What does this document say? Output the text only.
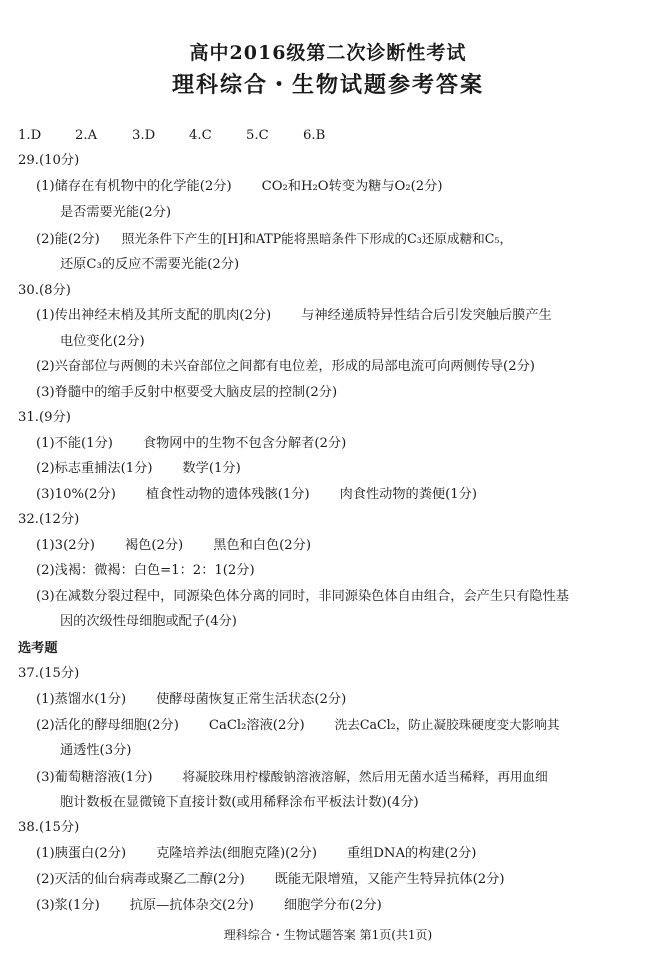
高中2016级第二次诊断性考试
理科综合・生物试题参考答案
1.D	2.A	3.D	4.C	5.C	6.B
29.(10分)
(1)储存在有机物中的化学能(2分) CO₂和H₂O转变为糖与O₂(2分)
是否需要光能(2分)
(2)能(2分) 照光条件下产生的[H]和ATP能将黑暗条件下形成的C₃还原成糖和C₅，
还原C₃的反应不需要光能(2分)
30.(8分)
(1)传出神经末梢及其所支配的肌肉(2分) 与神经递质特异性结合后引发突触后膜产生
电位变化(2分)
(2)兴奋部位与两侧的未兴奋部位之间都有电位差，形成的局部电流可向两侧传导(2分)
(3)脊髓中的缩手反射中枢要受大脑皮层的控制(2分)
31.(9分)
(1)不能(1分) 食物网中的生物不包含分解者(2分)
(2)标志重捕法(1分) 数学(1分)
(3)10%(2分) 植食性动物的遗体残骸(1分) 肉食性动物的粪便(1分)
32.(12分)
(1)3(2分) 褐色(2分) 黑色和白色(2分)
(2)浅褐：微褐：白色=1：2：1(2分)
(3)在减数分裂过程中，同源染色体分离的同时，非同源染色体自由组合，会产生只有隐性基
因的次级性母细胞或配子(4分)
选考题
37.(15分)
(1)蒸馏水(1分) 使酵母菌恢复正常生活状态(2分)
(2)活化的酵母细胞(2分) CaCl₂溶液(2分) 洗去CaCl₂，防止凝胶珠硬度变大影响其
通透性(3分)
(3)葡萄糖溶液(1分) 将凝胶珠用柠檬酸钠溶液溶解，然后用无菌水适当稀释，再用血细
胞计数板在显微镜下直接计数(或用稀释涂布平板法计数)(4分)
38.(15分)
(1)胰蛋白(2分) 克隆培养法(细胞克隆)(2分) 重组DNA的构建(2分)
(2)灭活的仙台病毒或聚乙二醇(2分) 既能无限增殖，又能产生特异抗体(2分)
(3)浆(1分) 抗原—抗体杂交(2分) 细胞学分布(2分)
理科综合・生物试题答案 第1页(共1页)
